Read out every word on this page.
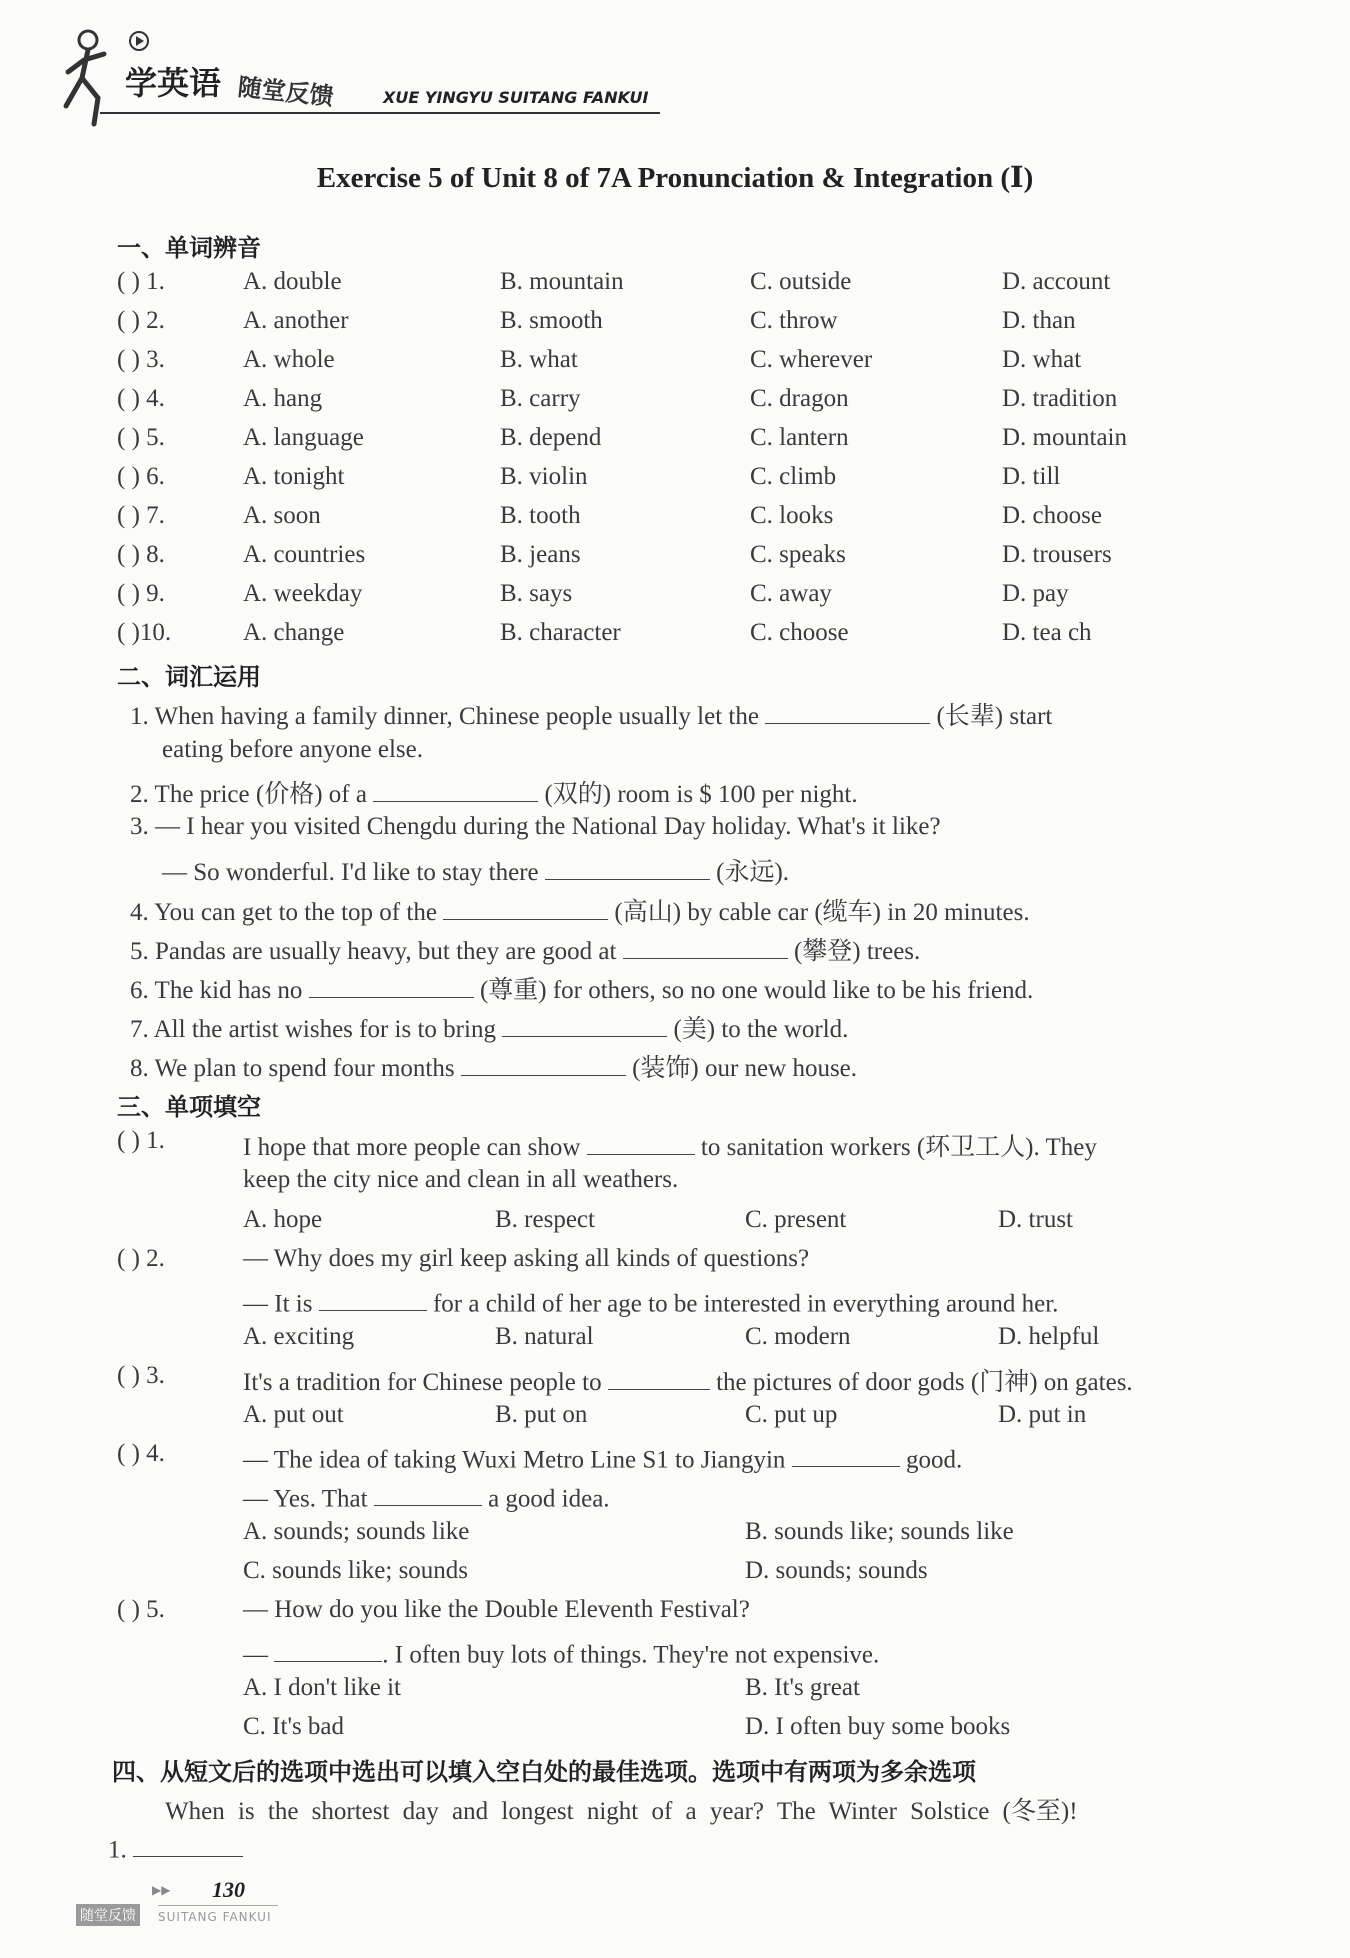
学英语 随堂反馈	XUE YINGYU SUITANG FANKUI
Exercise 5 of Unit 8 of 7A Pronunciation & Integration (Ⅰ)
一、单词辨音
( ) 1.	A. double	B. mountain	C. outside	D. account
( ) 2.	A. another	B. smooth	C. throw	D. than
( ) 3.	A. whole	B. what	C. wherever	D. what
( ) 4.	A. hang	B. carry	C. dragon	D. tradition
( ) 5.	A. language	B. depend	C. lantern	D. mountain
( ) 6.	A. tonight	B. violin	C. climb	D. till
( ) 7.	A. soon	B. tooth	C. looks	D. choose
( ) 8.	A. countries	B. jeans	C. speaks	D. trousers
( ) 9.	A. weekday	B. says	C. away	D. pay
( )10.	A. change	B. character	C. choose	D. tea ch
二、词汇运用
1. When having a family dinner, Chinese people usually let the	(长辈) start
eating before anyone else.
2. The price (价格) of a	(双的) room is $ 100 per night.
3. — I hear you visited Chengdu during the National Day holiday. What's it like?
— So wonderful. I'd like to stay there	(永远).
4. You can get to the top of the	(高山) by cable car (缆车) in 20 minutes.
5. Pandas are usually heavy, but they are good at	(攀登) trees.
6. The kid has no	(尊重) for others, so no one would like to be his friend.
7. All the artist wishes for is to bring	(美) to the world.
8. We plan to spend four months	(装饰) our new house.
三、单项填空
( ) 1.	I hope that more people can show	to sanitation workers (环卫工人). They
keep the city nice and clean in all weathers.
A. hope	B. respect	C. present	D. trust
( ) 2.	— Why does my girl keep asking all kinds of questions?
— It is	for a child of her age to be interested in everything around her.
A. exciting	B. natural	C. modern	D. helpful
( ) 3.	It's a tradition for Chinese people to	the pictures of door gods (门神) on gates.
A. put out	B. put on	C. put up	D. put in
( ) 4.	— The idea of taking Wuxi Metro Line S1 to Jiangyin	good.
— Yes. That	a good idea.
A. sounds; sounds like	B. sounds like; sounds like
C. sounds like; sounds	D. sounds; sounds
( ) 5.	— How do you like the Double Eleventh Festival?
—	. I often buy lots of things. They're not expensive.
A. I don't like it	B. It's great
C. It's bad	D. I often buy some books
四、从短文后的选项中选出可以填入空白处的最佳选项。选项中有两项为多余选项
When is the shortest day and longest night of a year? The Winter Solstice (冬至)!
1.
▶▶ 130
随堂反馈	SUITANG FANKUI
